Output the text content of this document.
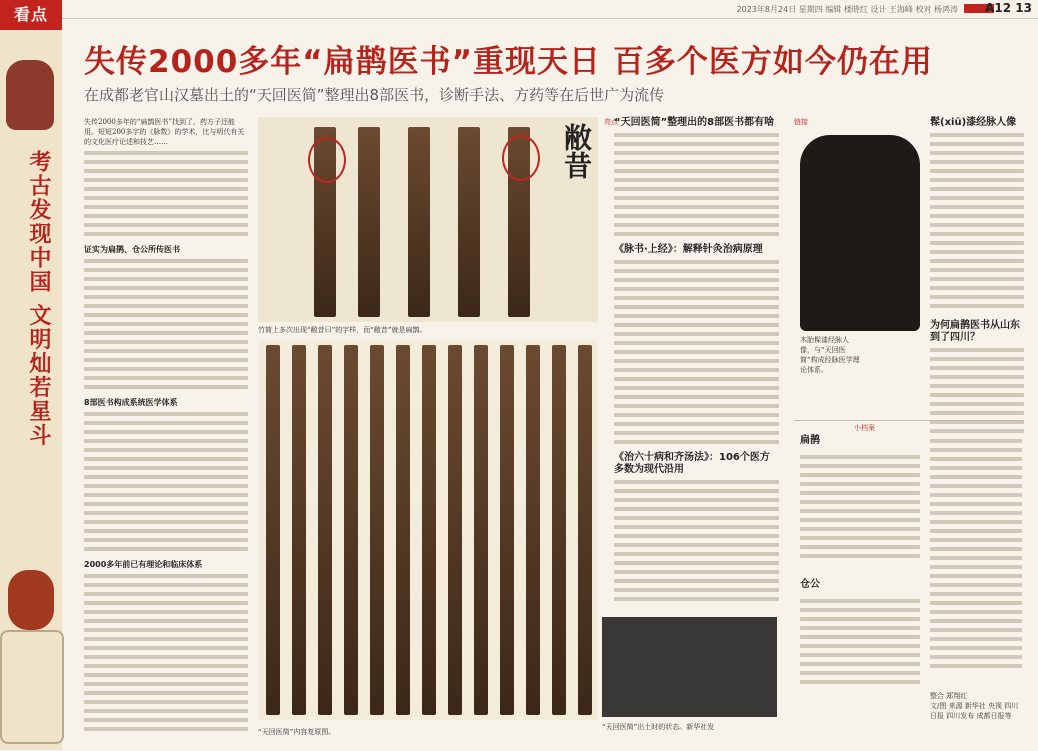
看点
考古发现中国 文明灿若星斗
2023年8月24日 星期四 编辑 楼晓红 设计 王海峰 校对 杨鸿涛 A12 13
失传2000多年“扁鹊医书”重现天日 百多个医方如今仍在用
在成都老官山汉墓出土的“天回医简”整理出8部医书，诊断手法、方药等在后世广为流传

失传2000多年的“扁鹊医书”找到了，药方子还能用。短短200多字的《脉数》的学术，比与明代有关的文化医疗论述和技艺……

证实为扁鹊、仓公所传医书
8部医书构成系统医学体系
2000多年前已有理论和临床体系
敝昔
竹简上多次出现“敝昔曰”的字样，而“敝昔”就是扁鹊。
“天回医简”内容复原图。
亮点
“天回医简”整理出的8部医书都有啥
《脉书·上经》：解释针灸治病原理
《治六十病和齐汤法》：106个医方多数为现代沿用
“天回医简”出土时的状态。新华社发
链接
木胎髹漆经脉人像，与“天回医简”构成经脉医学理论体系。
髹(xiū)漆经脉人像
为何扁鹊医书从山东到了四川？
小档案
扁鹊
仓公
整合 郑翔红
文/图 来源 新华社 央视 四川日报 四川发布 成都日报等
